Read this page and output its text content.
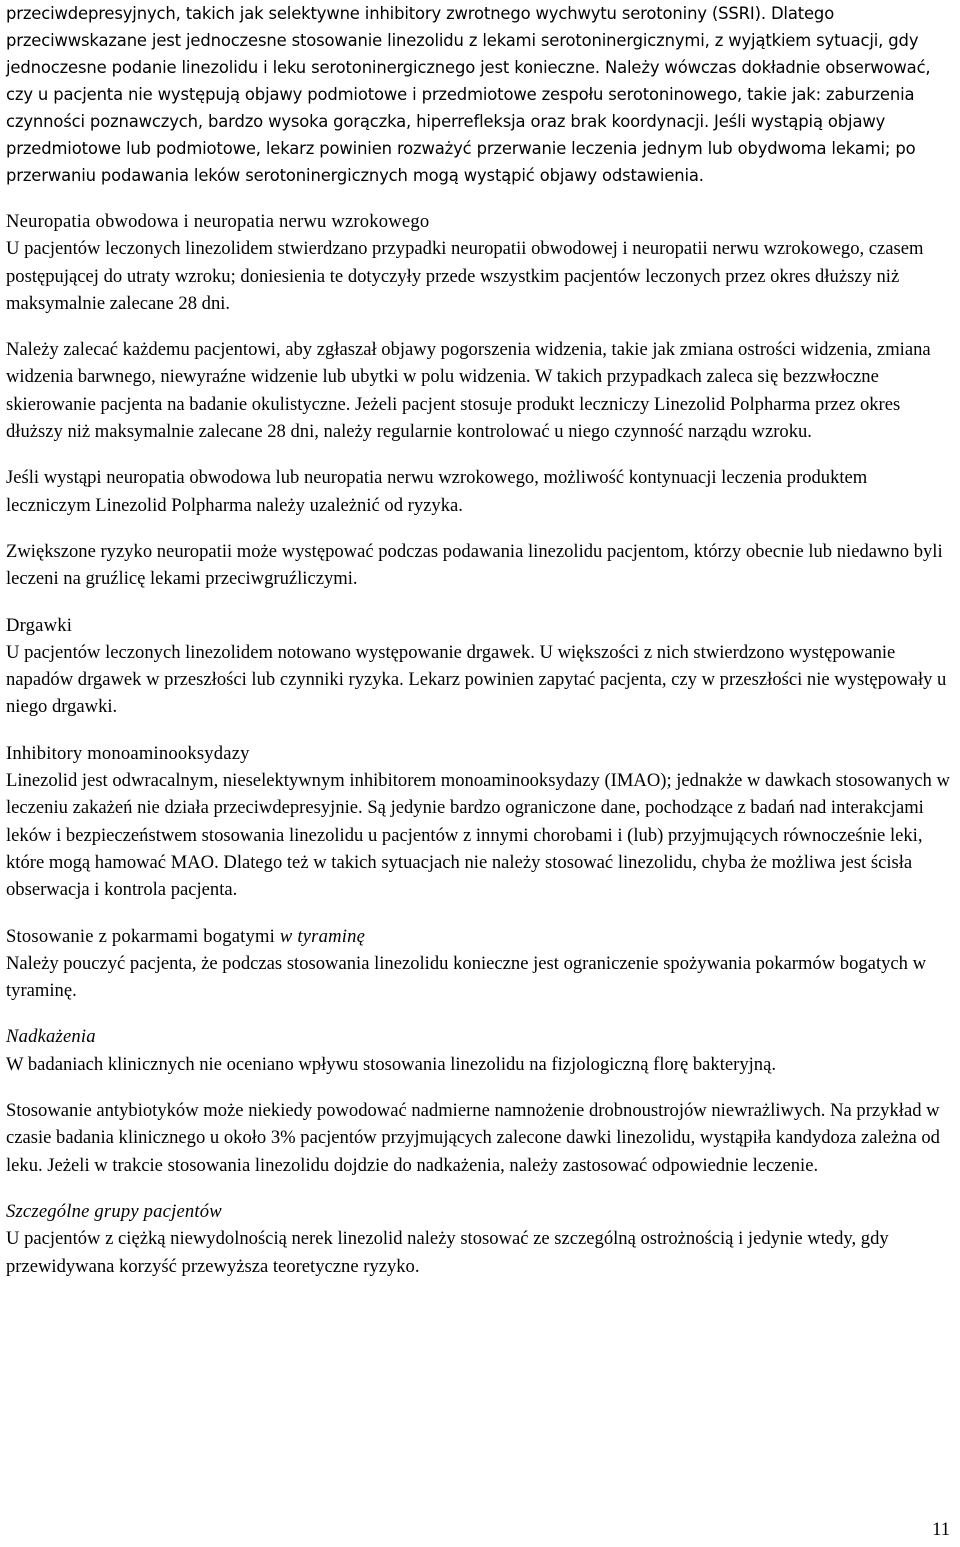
przeciwdepresyjnych, takich jak selektywne inhibitory zwrotnego wychwytu serotoniny (SSRI). Dlatego przeciwwskazane jest jednoczesne stosowanie linezolidu z lekami serotoninergicznymi, z wyjątkiem sytuacji, gdy jednoczesne podanie linezolidu i leku serotoninergicznego jest konieczne. Należy wówczas dokładnie obserwować, czy u pacjenta nie występują objawy podmiotowe i przedmiotowe zespołu serotoninowego, takie jak: zaburzenia czynności poznawczych, bardzo wysoka gorączka, hiperrefleksja oraz brak koordynacji. Jeśli wystąpią objawy przedmiotowe lub podmiotowe, lekarz powinien rozważyć przerwanie leczenia jednym lub obydwoma lekami; po przerwaniu podawania leków serotoninergicznych mogą wystąpić objawy odstawienia.

Neuropatia obwodowa i neuropatia nerwu wzrokowego

U pacjentów leczonych linezolidem stwierdzano przypadki neuropatii obwodowej i neuropatii nerwu wzrokowego, czasem postępującej do utraty wzroku; doniesienia te dotyczyły przede wszystkim pacjentów leczonych przez okres dłuższy niż maksymalnie zalecane 28 dni.

Należy zalecać każdemu pacjentowi, aby zgłaszał objawy pogorszenia widzenia, takie jak zmiana ostrości widzenia, zmiana widzenia barwnego, niewyraźne widzenie lub ubytki w polu widzenia. W takich przypadkach zaleca się bezzwłoczne skierowanie pacjenta na badanie okulistyczne. Jeżeli pacjent stosuje produkt leczniczy Linezolid Polpharma przez okres dłuższy niż maksymalnie zalecane 28 dni, należy regularnie kontrolować u niego czynność narządu wzroku.

Jeśli wystąpi neuropatia obwodowa lub neuropatia nerwu wzrokowego, możliwość kontynuacji leczenia produktem leczniczym Linezolid Polpharma należy uzależnić od ryzyka.

Zwiększone ryzyko neuropatii może występować podczas podawania linezolidu pacjentom, którzy obecnie lub niedawno byli leczeni na gruźlicę lekami przeciwgruźliczymi.

Drgawki

U pacjentów leczonych linezolidem notowano występowanie drgawek. U większości z nich stwierdzono występowanie napadów drgawek w przeszłości lub czynniki ryzyka. Lekarz powinien zapytać pacjenta, czy w przeszłości nie występowały u niego drgawki.

Inhibitory monoaminooksydazy

Linezolid jest odwracalnym, nieselektywnym inhibitorem monoaminooksydazy (IMAO); jednakże w dawkach stosowanych w leczeniu zakażeń nie działa przeciwdepresyjnie. Są jedynie bardzo ograniczone dane, pochodzące z badań nad interakcjami leków i bezpieczeństwem stosowania linezolidu u pacjentów z innymi chorobami i (lub) przyjmujących równocześnie leki, które mogą hamować MAO. Dlatego też w takich sytuacjach nie należy stosować linezolidu, chyba że możliwa jest ścisła obserwacja i kontrola pacjenta.

Stosowanie z pokarmami bogatymi w tyraminę

Należy pouczyć pacjenta, że podczas stosowania linezolidu konieczne jest ograniczenie spożywania pokarmów bogatych w tyraminę.

Nadkażenia

W badaniach klinicznych nie oceniano wpływu stosowania linezolidu na fizjologiczną florę bakteryjną.

Stosowanie antybiotyków może niekiedy powodować nadmierne namnożenie drobnoustrojów niewrażliwych. Na przykład w czasie badania klinicznego u około 3% pacjentów przyjmujących zalecone dawki linezolidu, wystąpiła kandydoza zależna od leku. Jeżeli w trakcie stosowania linezolidu dojdzie do nadkażenia, należy zastosować odpowiednie leczenie.

Szczególne grupy pacjentów

U pacjentów z ciężką niewydolnością nerek linezolid należy stosować ze szczególną ostrożnością i jedynie wtedy, gdy przewidywana korzyść przewyższa teoretyczne ryzyko.

11
